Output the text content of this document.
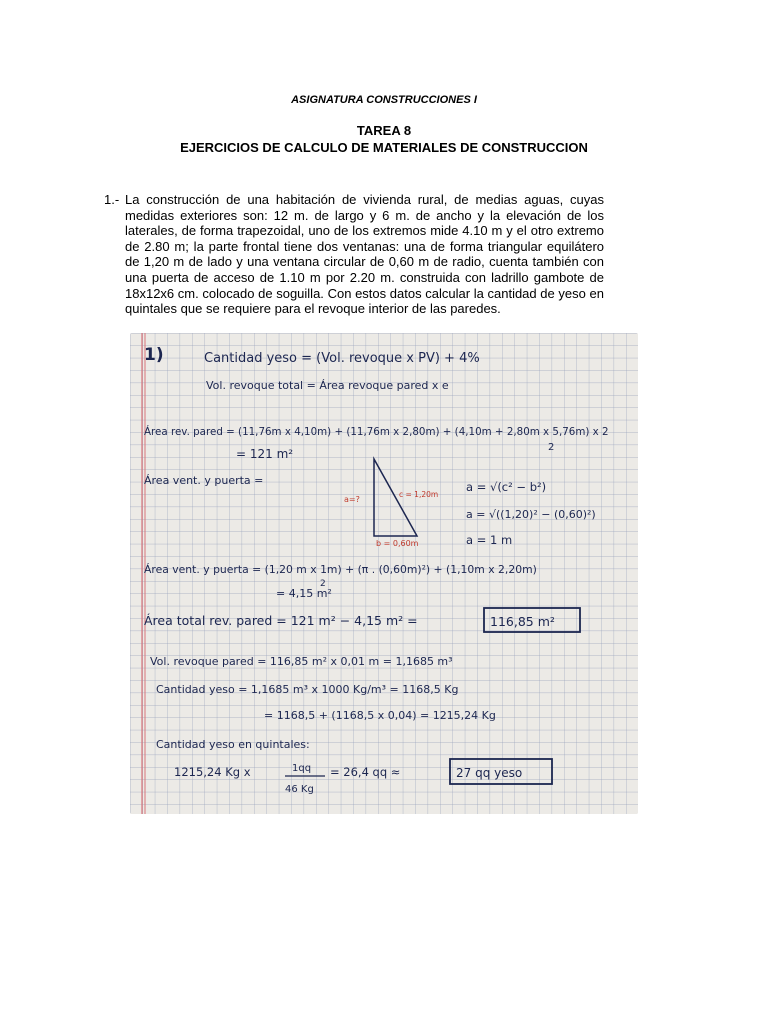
ASIGNATURA CONSTRUCCIONES I
TAREA 8
EJERCICIOS DE CALCULO DE MATERIALES DE CONSTRUCCION
1.- La construcción de una habitación de vivienda rural, de medias aguas, cuyas medidas exteriores son: 12 m. de largo y 6 m. de ancho y la elevación de los laterales, de forma trapezoidal, uno de los extremos mide 4.10 m y el otro extremo de 2.80 m; la parte frontal tiene dos ventanas: una de forma triangular equilátero de 1,20 m de lado y una ventana circular de 0,60 m de radio, cuenta también con una puerta de acceso de 1.10 m por 2.20 m. construida con ladrillo gambote de 18x12x6 cm. colocado de soguilla. Con estos datos calcular la cantidad de yeso en quintales que se requiere para el revoque interior de las paredes.
1)	Cantidad yeso = (Vol. revoque x PV) + 4%
Vol. revoque total = Área revoque pared x e
Área rev. pared = (11,76m x 4,10m) + (11,76m x 2,80m) + (4,10m + 2,80m x 5,76m) x 2
2
= 121 m²
Área vent. y puerta =
a=?
c = 1,20m
b = 0,60m
a = √(c² − b²)
a = √((1,20)² − (0,60)²)
a = 1 m
Área vent. y puerta = (1,20 m x 1m) + (π . (0,60m)²) + (1,10m x 2,20m)
2
= 4,15 m²
Área total rev. pared = 121 m² − 4,15 m² =	116,85 m²
Vol. revoque pared = 116,85 m² x 0,01 m = 1,1685 m³
Cantidad yeso = 1,1685 m³ x 1000 Kg/m³ = 1168,5 Kg
= 1168,5 + (1168,5 x 0,04) = 1215,24 Kg
Cantidad yeso en quintales:
1215,24 Kg x	1qq
46 Kg
= 26,4 qq ≈	27 qq yeso
